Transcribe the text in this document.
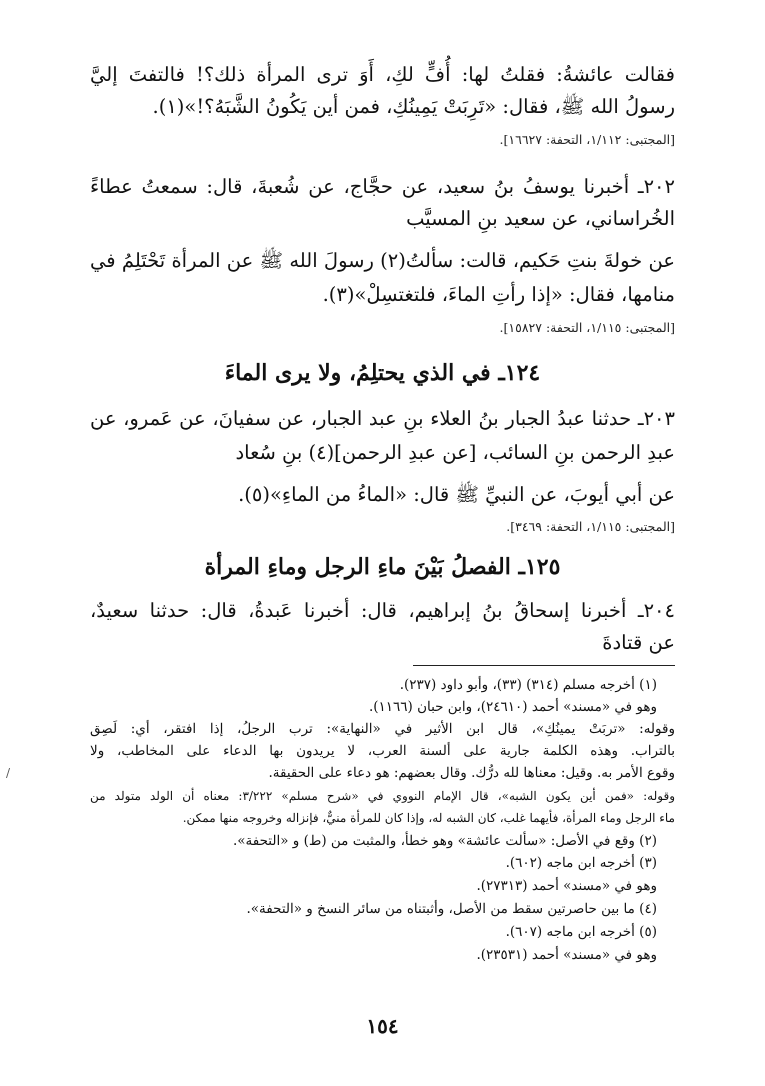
فقالت عائشةُ: فقلتُ لها: أُفٍّ لكِ، أَوَ ترى المرأة ذلك؟! فالتفتَ إليَّ
رسولُ الله ﷺ، فقال: «تَرِبَتْ يَمِينُكِ، فمن أين يَكُونُ الشَّبَهُ؟!»(١).
[المجتبى: ١/١١٢، التحفة: ١٦٦٢٧].
٢٠٢ـ أخبرنا يوسفُ بنُ سعيد، عن حجَّاج، عن شُعبةَ، قال: سمعتُ عطاءً
الخُراساني، عن سعيد بنِ المسيَّب
عن خولةَ بنتِ حَكيم، قالت: سألتُ(٢) رسولَ الله ﷺ عن المرأة تَحْتَلِمُ في
منامها، فقال: «إذا رأتِ الماءَ، فلتغتسِلْ»(٣).
[المجتبى: ١/١١٥، التحفة: ١٥٨٢٧].
١٢٤ـ في الذي يحتلِمُ، ولا يرى الماءَ
٢٠٣ـ حدثنا عبدُ الجبار بنُ العلاء بنِ عبد الجبار، عن سفيانَ، عن عَمرو، عن
عبدِ الرحمن بنِ السائب، [عن عبدِ الرحمن](٤) بنِ سُعاد
عن أبي أيوبَ، عن النبيِّ ﷺ قال: «الماءُ من الماءِ»(٥).
[المجتبى: ١/١١٥، التحفة: ٣٤٦٩].
١٢٥ـ الفصلُ بَيْنَ ماءِ الرجل وماءِ المرأة
٢٠٤ـ أخبرنا إسحاقُ بنُ إبراهيم، قال: أخبرنا عَبدةُ، قال: حدثنا سعيدٌ،
عن قتادةَ
(١) أخرجه مسلم (٣١٤) (٣٣)، وأبو داود (٢٣٧).
وهو في «مسند» أحمد (٢٤٦١٠)، وابن حبان (١١٦٦).
وقوله: «تربَتْ يمينُكِ»، قال ابن الأثير في «النهاية»: ترب الرجلُ، إذا افتقر، أي: لَصِق
بالتراب. وهذه الكلمة جارية على ألسنة العرب، لا يريدون بها الدعاء على المخاطب، ولا
وقوع الأمر به. وقيل: معناها لله درُّك. وقال بعضهم: هو دعاء على الحقيقة.
وقوله: «فمن أين يكون الشبه»، قال الإمام النووي في «شرح مسلم» ٣/٢٢٢: معناه أن الولد متولد من
ماء الرجل وماء المرأة، فأيهما غلب، كان الشبه له، وإذا كان للمرأة منيٌّ، فإنزاله وخروجه منها ممكن.
(٢) وقع في الأصل: «سألت عائشة» وهو خطأ، والمثبت من (ط) و «التحفة».
(٣) أخرجه ابن ماجه (٦٠٢).
وهو في «مسند» أحمد (٢٧٣١٣).
(٤) ما بين حاصرتين سقط من الأصل، وأثبتناه من سائر النسخ و «التحفة».
(٥) أخرجه ابن ماجه (٦٠٧).
وهو في «مسند» أحمد (٢٣٥٣١).
١٥٤
/
